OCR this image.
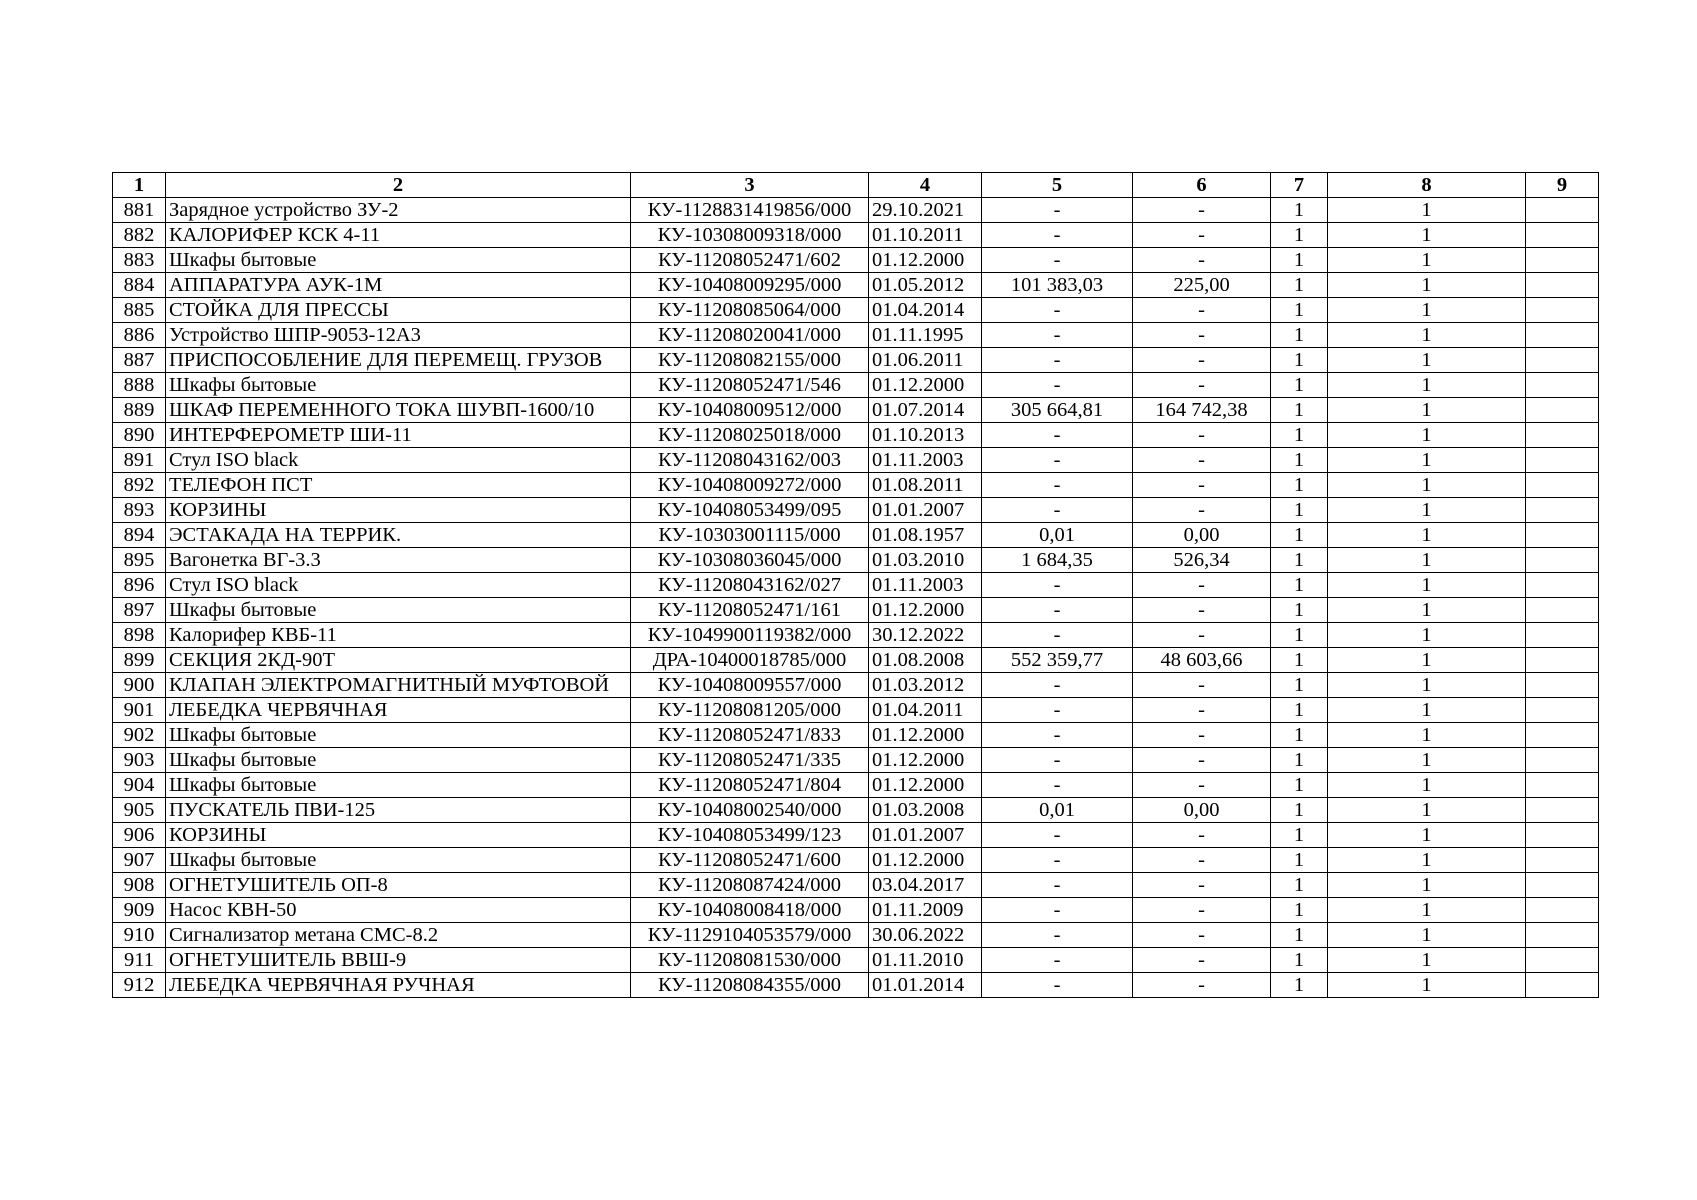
1	2	3	4	5	6	7	8	9
881	Зарядное устройство ЗУ-2	КУ-1128831419856/000	29.10.2021	-	-	1	1	
882	КАЛОРИФЕР КСК 4-11	КУ-10308009318/000	01.10.2011	-	-	1	1	
883	Шкафы бытовые	КУ-11208052471/602	01.12.2000	-	-	1	1	
884	АППАРАТУРА АУК-1М	КУ-10408009295/000	01.05.2012	101 383,03	225,00	1	1	
885	СТОЙКА ДЛЯ ПРЕССЫ	КУ-11208085064/000	01.04.2014	-	-	1	1	
886	Устройство ШПР-9053-12А3	КУ-11208020041/000	01.11.1995	-	-	1	1	
887	ПРИСПОСОБЛЕНИЕ ДЛЯ ПЕРЕМЕЩ. ГРУЗОВ	КУ-11208082155/000	01.06.2011	-	-	1	1	
888	Шкафы бытовые	КУ-11208052471/546	01.12.2000	-	-	1	1	
889	ШКАФ ПЕРЕМЕННОГО ТОКА ШУВП-1600/10	КУ-10408009512/000	01.07.2014	305 664,81	164 742,38	1	1	
890	ИНТЕРФЕРОМЕТР ШИ-11	КУ-11208025018/000	01.10.2013	-	-	1	1	
891	Стул ISO black	КУ-11208043162/003	01.11.2003	-	-	1	1	
892	ТЕЛЕФОН ПСТ	КУ-10408009272/000	01.08.2011	-	-	1	1	
893	КОРЗИНЫ	КУ-10408053499/095	01.01.2007	-	-	1	1	
894	ЭСТАКАДА НА ТЕРРИК.	КУ-10303001115/000	01.08.1957	0,01	0,00	1	1	
895	Вагонетка ВГ-3.3	КУ-10308036045/000	01.03.2010	1 684,35	526,34	1	1	
896	Стул ISO black	КУ-11208043162/027	01.11.2003	-	-	1	1	
897	Шкафы бытовые	КУ-11208052471/161	01.12.2000	-	-	1	1	
898	Калорифер КВБ-11	КУ-1049900119382/000	30.12.2022	-	-	1	1	
899	СЕКЦИЯ 2КД-90Т	ДРА-10400018785/000	01.08.2008	552 359,77	48 603,66	1	1	
900	КЛАПАН ЭЛЕКТРОМАГНИТНЫЙ МУФТОВОЙ	КУ-10408009557/000	01.03.2012	-	-	1	1	
901	ЛЕБЕДКА ЧЕРВЯЧНАЯ	КУ-11208081205/000	01.04.2011	-	-	1	1	
902	Шкафы бытовые	КУ-11208052471/833	01.12.2000	-	-	1	1	
903	Шкафы бытовые	КУ-11208052471/335	01.12.2000	-	-	1	1	
904	Шкафы бытовые	КУ-11208052471/804	01.12.2000	-	-	1	1	
905	ПУСКАТЕЛЬ ПВИ-125	КУ-10408002540/000	01.03.2008	0,01	0,00	1	1	
906	КОРЗИНЫ	КУ-10408053499/123	01.01.2007	-	-	1	1	
907	Шкафы бытовые	КУ-11208052471/600	01.12.2000	-	-	1	1	
908	ОГНЕТУШИТЕЛЬ ОП-8	КУ-11208087424/000	03.04.2017	-	-	1	1	
909	Насос КВН-50	КУ-10408008418/000	01.11.2009	-	-	1	1	
910	Сигнализатор метана СМС-8.2	КУ-1129104053579/000	30.06.2022	-	-	1	1	
911	ОГНЕТУШИТЕЛЬ ВВШ-9	КУ-11208081530/000	01.11.2010	-	-	1	1	
912	ЛЕБЕДКА ЧЕРВЯЧНАЯ РУЧНАЯ	КУ-11208084355/000	01.01.2014	-	-	1	1	
